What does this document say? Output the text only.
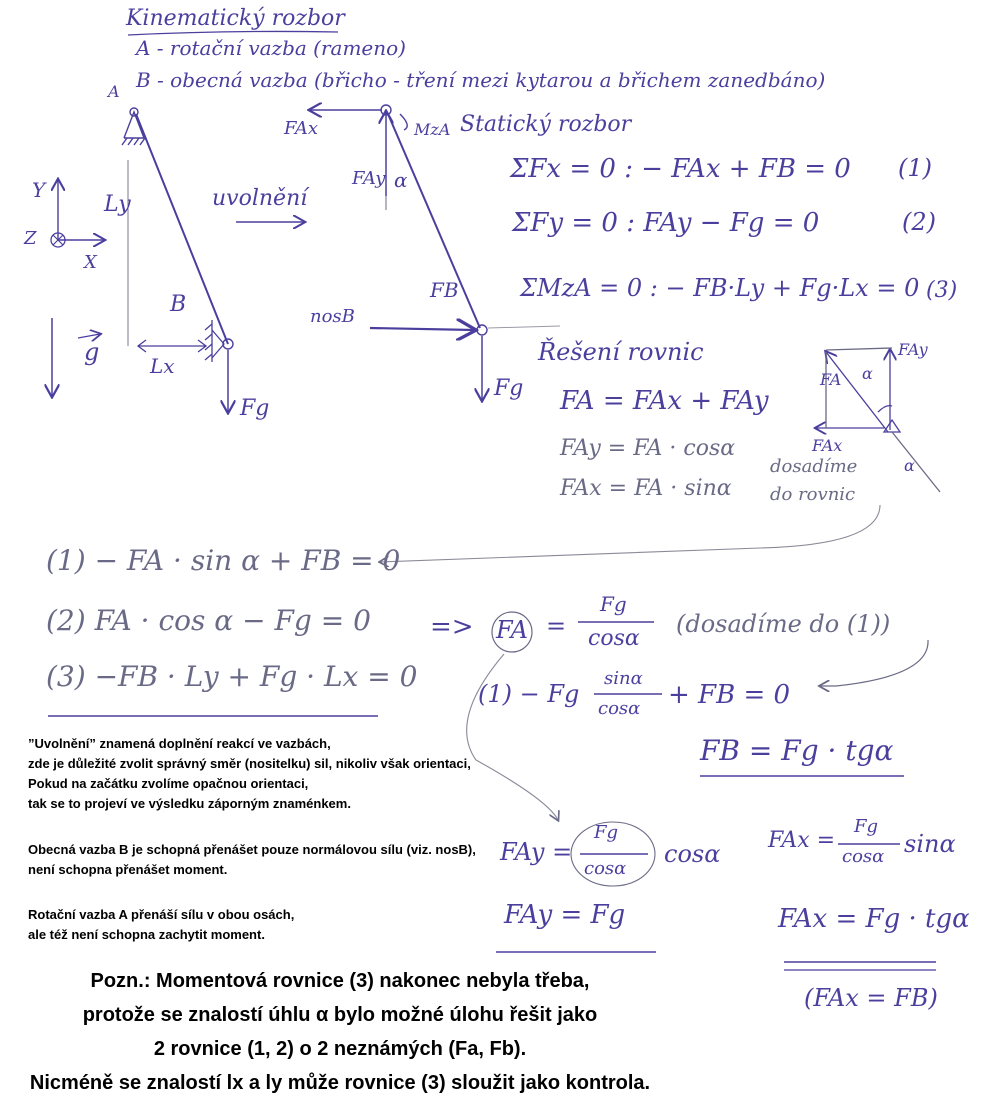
Kinematický rozbor
A - rotační vazba (rameno)
B - obecná vazba (břicho - tření mezi kytarou a břichem zanedbáno)
A
Ly
B
Lx
g
Fg
Y
Z
X
uvolnění
FAx	MzA
FAy α
FB
nosB
Fg
Statický rozbor
ΣFx = 0 : − FAx + FB = 0 (1)
ΣFy = 0 : FAy − Fg = 0	(2)
ΣMzA = 0 : − FB·Ly + Fg·Lx = 0 (3)
Řešení rovnic
FA = FAx + FAy
FAy = FA · cosα
FAx = FA · sinα
dosadíme
do rovnic
FAy
FA α
FAx
α
(1) − FA · sin α + FB = 0
(2) FA · cos α − Fg = 0
(3) −FB · Ly + Fg · Lx = 0
=> FA =
Fg
cosα
(dosadíme do (1))
(1) − Fg
sinα
cosα + FB = 0
FB = Fg · tgα
FAy =
Fg
cosα
cosα
FAy = Fg
FAx =
Fg
cosα sinα
FAx = Fg · tgα
(FAx = FB)
”Uvolnění” znamená doplnění reakcí ve vazbách,
zde je důležité zvolit správný směr (nositelku) sil, nikoliv však orientaci,
Pokud na začátku zvolíme opačnou orientaci,
tak se to projeví ve výsledku záporným znaménkem.
Obecná vazba B je schopná přenášet pouze normálovou sílu (viz. nosB),
není schopna přenášet moment.
Rotační vazba A přenáší sílu v obou osách,
ale též není schopna zachytit moment.
Pozn.: Momentová rovnice (3) nakonec nebyla třeba,
protože se znalostí úhlu α bylo možné úlohu řešit jako
2 rovnice (1, 2) o 2 neznámých (Fa, Fb).
Nicméně se znalostí lx a ly může rovnice (3) sloužit jako kontrola.
